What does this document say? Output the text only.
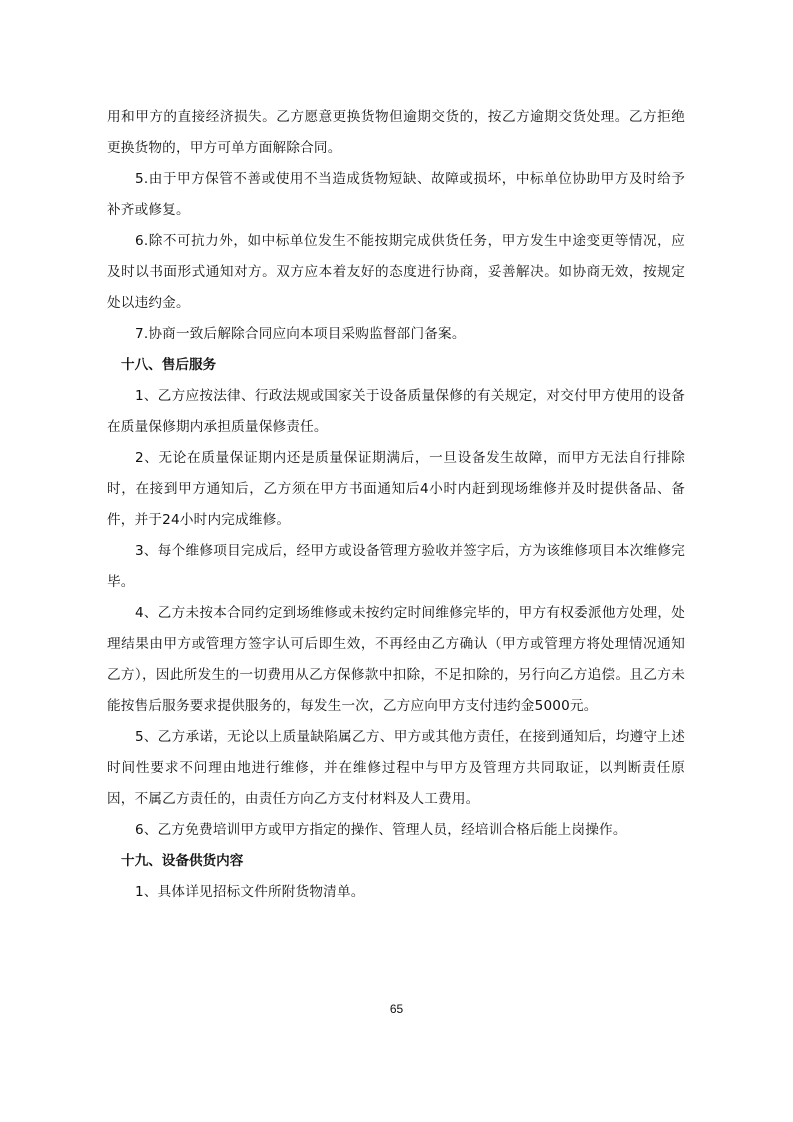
用和甲方的直接经济损失。乙方愿意更换货物但逾期交货的，按乙方逾期交货处理。乙方拒绝更换货物的，甲方可单方面解除合同。

5.由于甲方保管不善或使用不当造成货物短缺、故障或损坏，中标单位协助甲方及时给予补齐或修复。

6.除不可抗力外，如中标单位发生不能按期完成供货任务，甲方发生中途变更等情况，应及时以书面形式通知对方。双方应本着友好的态度进行协商，妥善解决。如协商无效，按规定处以违约金。

7.协商一致后解除合同应向本项目采购监督部门备案。

十八、售后服务

1、乙方应按法律、行政法规或国家关于设备质量保修的有关规定，对交付甲方使用的设备在质量保修期内承担质量保修责任。

2、无论在质量保证期内还是质量保证期满后，一旦设备发生故障，而甲方无法自行排除时，在接到甲方通知后，乙方须在甲方书面通知后4小时内赶到现场维修并及时提供备品、备件，并于24小时内完成维修。

3、每个维修项目完成后，经甲方或设备管理方验收并签字后，方为该维修项目本次维修完毕。

4、乙方未按本合同约定到场维修或未按约定时间维修完毕的，甲方有权委派他方处理，处理结果由甲方或管理方签字认可后即生效，不再经由乙方确认（甲方或管理方将处理情况通知乙方），因此所发生的一切费用从乙方保修款中扣除，不足扣除的，另行向乙方追偿。且乙方未能按售后服务要求提供服务的，每发生一次，乙方应向甲方支付违约金5000元。

5、乙方承诺，无论以上质量缺陷属乙方、甲方或其他方责任，在接到通知后，均遵守上述时间性要求不问理由地进行维修，并在维修过程中与甲方及管理方共同取证，以判断责任原因，不属乙方责任的，由责任方向乙方支付材料及人工费用。

6、乙方免费培训甲方或甲方指定的操作、管理人员，经培训合格后能上岗操作。

十九、设备供货内容

1、具体详见招标文件所附货物清单。

65
